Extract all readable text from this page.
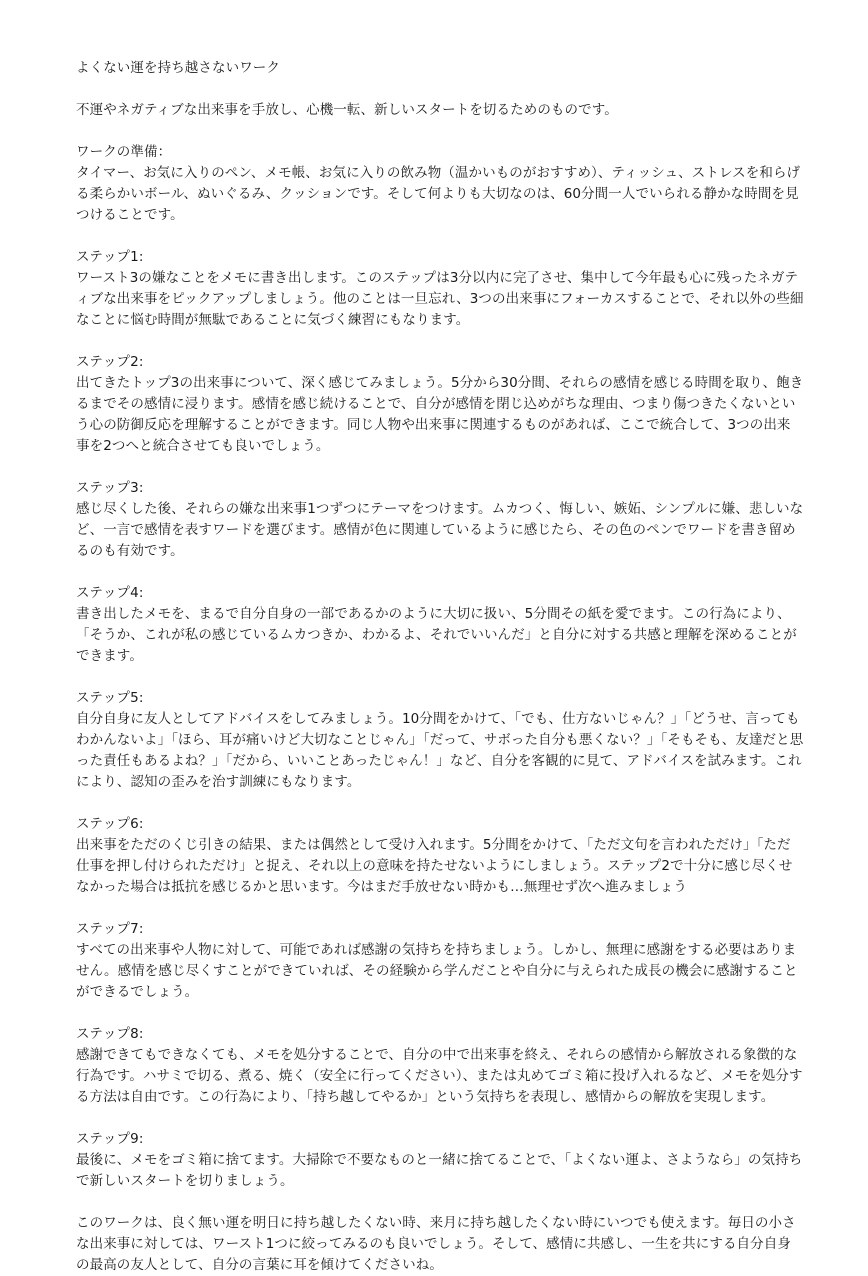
よくない運を持ち越さないワーク

不運やネガティブな出来事を手放し、心機一転、新しいスタートを切るためのものです。

ワークの準備：
タイマー、お気に入りのペン、メモ帳、お気に入りの飲み物（温かいものがおすすめ）、ティッシュ、ストレスを和らげる柔らかいボール、ぬいぐるみ、クッションです。そして何よりも大切なのは、60分間一人でいられる静かな時間を見つけることです。
ステップ1:
ワースト3の嫌なことをメモに書き出します。このステップは3分以内に完了させ、集中して今年最も心に残ったネガティブな出来事をピックアップしましょう。他のことは一旦忘れ、3つの出来事にフォーカスすることで、それ以外の些細なことに悩む時間が無駄であることに気づく練習にもなります。
ステップ2:
出てきたトップ3の出来事について、深く感じてみましょう。5分から30分間、それらの感情を感じる時間を取り、飽きるまでその感情に浸ります。感情を感じ続けることで、自分が感情を閉じ込めがちな理由、つまり傷つきたくないという心の防御反応を理解することができます。同じ人物や出来事に関連するものがあれば、ここで統合して、3つの出来事を2つへと統合させても良いでしょう。
ステップ3:
感じ尽くした後、それらの嫌な出来事1つずつにテーマをつけます。ムカつく、悔しい、嫉妬、シンプルに嫌、悲しいなど、一言で感情を表すワードを選びます。感情が色に関連しているように感じたら、その色のペンでワードを書き留めるのも有効です。
ステップ4:
書き出したメモを、まるで自分自身の一部であるかのように大切に扱い、5分間その紙を愛でます。この行為により、「そうか、これが私の感じているムカつきか、わかるよ、それでいいんだ」と自分に対する共感と理解を深めることができます。
ステップ5:
自分自身に友人としてアドバイスをしてみましょう。10分間をかけて、「でも、仕方ないじゃん？」「どうせ、言ってもわかんないよ」「ほら、耳が痛いけど大切なことじゃん」「だって、サボった自分も悪くない？」「そもそも、友達だと思った責任もあるよね？」「だから、いいことあったじゃん！」など、自分を客観的に見て、アドバイスを試みます。これにより、認知の歪みを治す訓練にもなります。
ステップ6:
出来事をただのくじ引きの結果、または偶然として受け入れます。5分間をかけて、「ただ文句を言われただけ」「ただ仕事を押し付けられただけ」と捉え、それ以上の意味を持たせないようにしましょう。ステップ2で十分に感じ尽くせなかった場合は抵抗を感じるかと思います。今はまだ手放せない時かも…無理せず次へ進みましょう
ステップ7:
すべての出来事や人物に対して、可能であれば感謝の気持ちを持ちましょう。しかし、無理に感謝をする必要はありません。感情を感じ尽くすことができていれば、その経験から学んだことや自分に与えられた成長の機会に感謝することができるでしょう。
ステップ8:
感謝できてもできなくても、メモを処分することで、自分の中で出来事を終え、それらの感情から解放される象徴的な行為です。ハサミで切る、煮る、焼く（安全に行ってください）、または丸めてゴミ箱に投げ入れるなど、メモを処分する方法は自由です。この行為により、「持ち越してやるか」という気持ちを表現し、感情からの解放を実現します。
ステップ9:
最後に、メモをゴミ箱に捨てます。大掃除で不要なものと一緒に捨てることで、「よくない運よ、さようなら」の気持ちで新しいスタートを切りましょう。

このワークは、良く無い運を明日に持ち越したくない時、来月に持ち越したくない時にいつでも使えます。毎日の小さな出来事に対しては、ワースト1つに絞ってみるのも良いでしょう。そして、感情に共感し、一生を共にする自分自身の最高の友人として、自分の言葉に耳を傾けてくださいね。
